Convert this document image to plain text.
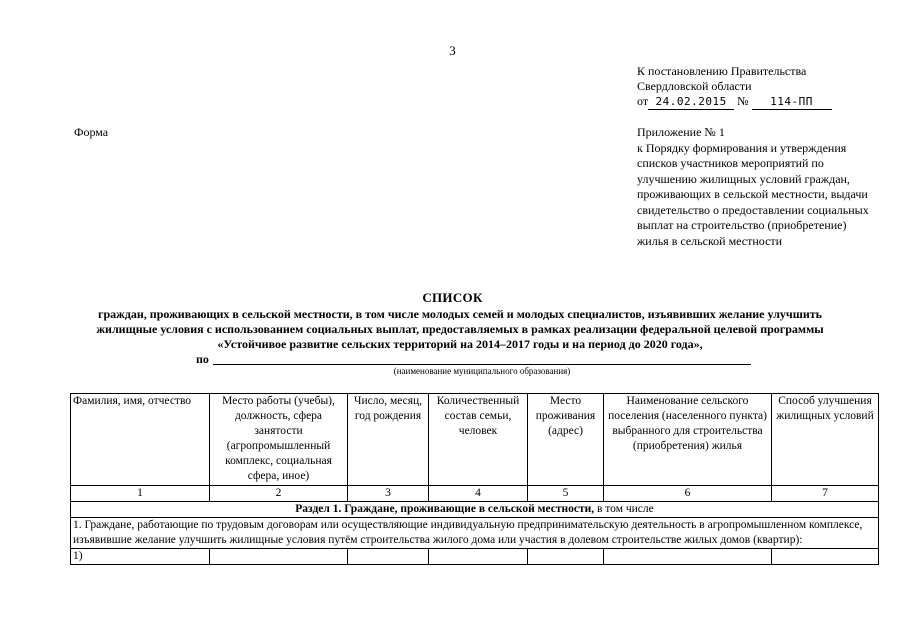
3
К постановлению Правительства
Свердловской области
от 24.02.2015 № 114-ПП
Форма	Приложение № 1
к Порядку формирования и утверждения списков участников мероприятий по улучшению жилищных условий граждан, проживающих в сельской местности, выдачи свидетельство о предоставлении социальных выплат на строительство (приобретение) жилья в сельской местности
СПИСОК
граждан, проживающих в сельской местности, в том числе молодых семей и молодых специалистов, изъявивших желание улучшить
жилищные условия с использованием социальных выплат, предоставляемых в рамках реализации федеральной целевой программы
«Устойчивое развитие сельских территорий на 2014–2017 годы и на период до 2020 года»,
по
(наименование муниципального образования)
Фамилия, имя, отчество	Место работы (учебы), должность, сфера занятости (агропромышленный комплекс, социальная сфера, иное)	Число, месяц, год рождения	Количественный состав семьи, человек	Место проживания (адрес)	Наименование сельского поселения (населенного пункта) выбранного для строительства (приобретения) жилья	Способ улучшения жилищных условий
1	2	3	4	5	6	7
Раздел 1. Граждане, проживающие в сельской местности, в том числе						
1. Граждане, работающие по трудовым договорам или осуществляющие индивидуальную предпринимательскую деятельность в агропромышленном комплексе, изъявившие желание улучшить жилищные условия путём строительства жилого дома или участия в долевом строительстве жилых домов (квартир):						
1)						
